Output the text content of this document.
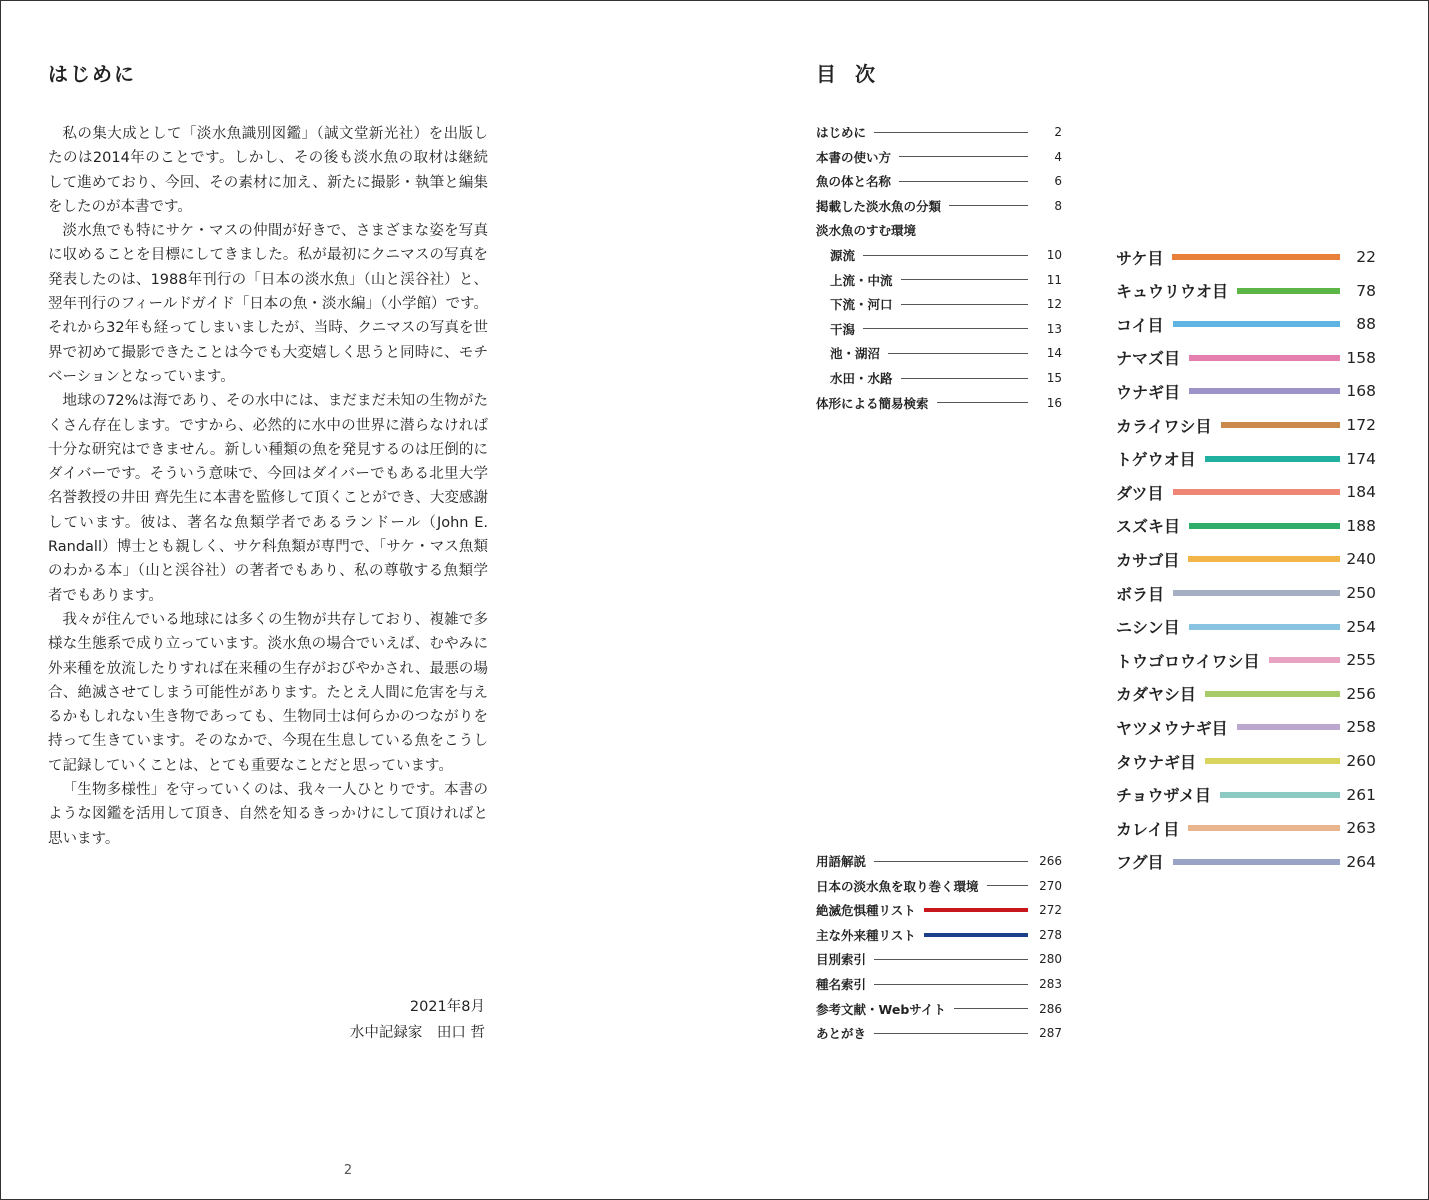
はじめに

私の集大成として「淡水魚識別図鑑」（誠文堂新光社）を出版したのは2014年のことです。しかし、その後も淡水魚の取材は継続して進めており、今回、その素材に加え、新たに撮影・執筆と編集をしたのが本書です。

淡水魚でも特にサケ・マスの仲間が好きで、さまざまな姿を写真に収めることを目標にしてきました。私が最初にクニマスの写真を発表したのは、1988年刊行の「日本の淡水魚」（山と渓谷社）と、翌年刊行のフィールドガイド「日本の魚・淡水編」（小学館）です。それから32年も経ってしまいましたが、当時、クニマスの写真を世界で初めて撮影できたことは今でも大変嬉しく思うと同時に、モチベーションとなっています。

地球の72%は海であり、その水中には、まだまだ未知の生物がたくさん存在します。ですから、必然的に水中の世界に潜らなければ十分な研究はできません。新しい種類の魚を発見するのは圧倒的にダイバーです。そういう意味で、今回はダイバーでもある北里大学名誉教授の井田 齊先生に本書を監修して頂くことができ、大変感謝しています。彼は、著名な魚類学者であるランドール（John E. Randall）博士とも親しく、サケ科魚類が専門で、「サケ・マス魚類のわかる本」（山と渓谷社）の著者でもあり、私の尊敬する魚類学者でもあります。

我々が住んでいる地球には多くの生物が共存しており、複雑で多様な生態系で成り立っています。淡水魚の場合でいえば、むやみに外来種を放流したりすれば在来種の生存がおびやかされ、最悪の場合、絶滅させてしまう可能性があります。たとえ人間に危害を与えるかもしれない生き物であっても、生物同士は何らかのつながりを持って生きています。そのなかで、今現在生息している魚をこうして記録していくことは、とても重要なことだと思っています。

「生物多様性」を守っていくのは、我々一人ひとりです。本書のような図鑑を活用して頂き、自然を知るきっかけにして頂ければと思います。

2021年8月
水中記録家　田口 哲
2
目 次
はじめに	2
本書の使い方	4
魚の体と名称	6
掲載した淡水魚の分類	8
淡水魚のすむ環境
源流	10
上流・中流	11
下流・河口	12
干潟	13
池・湖沼	14
水田・水路	15
体形による簡易検索	16
サケ目	22
キュウリウオ目	78
コイ目	88
ナマズ目	158
ウナギ目	168
カライワシ目	172
トゲウオ目	174
ダツ目	184
スズキ目	188
カサゴ目	240
ボラ目	250
ニシン目	254
トウゴロウイワシ目	255
カダヤシ目	256
ヤツメウナギ目	258
タウナギ目	260
チョウザメ目	261
カレイ目	263
フグ目	264
用語解説	266
日本の淡水魚を取り巻く環境	270
絶滅危惧種リスト	272
主な外来種リスト	278
目別索引	280
種名索引	283
参考文献・Webサイト	286
あとがき	287
